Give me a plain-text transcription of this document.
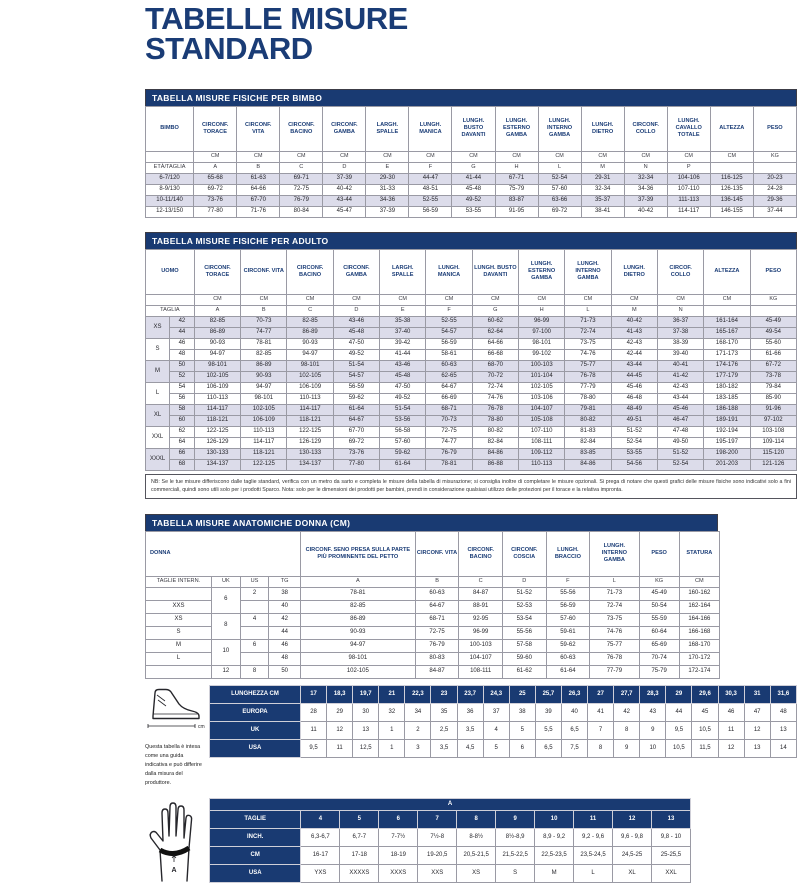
TABELLE MISURE
STANDARD
TABELLA MISURE FISICHE PER BIMBO
BIMBO	CIRCONF. TORACE	CIRCONF. VITA	CIRCONF. BACINO	CIRCONF. GAMBA	LARGH. SPALLE	LUNGH. MANICA	LUNGH. BUSTO DAVANTI	LUNGH. ESTERNO GAMBA	LUNGH. INTERNO GAMBA	LUNGH. DIETRO	CIRCONF. COLLO	LUNGH. CAVALLO TOTALE	ALTEZZA	PESO
	CM	CM	CM	CM	CM	CM	CM	CM	CM	CM	CM	CM	CM	KG
ETÀ/TAGLIA	A	B	C	D	E	F	G	H	L	M	N	P		
6-7/120	65-68	61-63	69-71	37-39	29-30	44-47	41-44	67-71	52-54	29-31	32-34	104-106	116-125	20-23
8-9/130	69-72	64-66	72-75	40-42	31-33	48-51	45-48	75-79	57-60	32-34	34-36	107-110	126-135	24-28
10-11/140	73-76	67-70	76-79	43-44	34-36	52-55	49-52	83-87	63-66	35-37	37-39	111-113	136-145	29-36
12-13/150	77-80	71-76	80-84	45-47	37-39	56-59	53-55	91-95	69-72	38-41	40-42	114-117	146-155	37-44
TABELLA MISURE FISICHE PER ADULTO
UOMO		CIRCONF. TORACE	CIRCONF. VITA	CIRCONF. BACINO	CIRCONF. GAMBA	LARGH. SPALLE	LUNGH. MANICA	LUNGH. BUSTO DAVANTI	LUNGH. ESTERNO GAMBA	LUNGH. INTERNO GAMBA	LUNGH. DIETRO	CIRCOF. COLLO	ALTEZZA	PESO
		CM	CM	CM	CM	CM	CM	CM	CM	CM	CM	CM	CM	KG
TAGLIA		A	B	C	D	E	F	G	H	L	M	N		
XS	42	82-85	70-73	82-85	43-46	35-38	52-55	60-62	96-99	71-73	40-42	36-37	161-164	45-49
	44	86-89	74-77	86-89	45-48	37-40	54-57	62-64	97-100	72-74	41-43	37-38	165-167	49-54
S	46	90-93	78-81	90-93	47-50	39-42	56-59	64-66	98-101	73-75	42-43	38-39	168-170	55-60
	48	94-97	82-85	94-97	49-52	41-44	58-61	66-68	99-102	74-76	42-44	39-40	171-173	61-66
M	50	98-101	86-89	98-101	51-54	43-46	60-63	68-70	100-103	75-77	43-44	40-41	174-176	67-72
	52	102-105	90-93	102-105	54-57	45-48	62-65	70-72	101-104	76-78	44-45	41-42	177-179	73-78
L	54	106-109	94-97	106-109	56-59	47-50	64-67	72-74	102-105	77-79	45-46	42-43	180-182	79-84
	56	110-113	98-101	110-113	59-62	49-52	66-69	74-76	103-106	78-80	46-48	43-44	183-185	85-90
XL	58	114-117	102-105	114-117	61-64	51-54	68-71	76-78	104-107	79-81	48-49	45-46	186-188	91-96
	60	118-121	106-109	118-121	64-67	53-56	70-73	78-80	105-108	80-82	49-51	46-47	189-191	97-102
XXL	62	122-125	110-113	122-125	67-70	56-58	72-75	80-82	107-110	81-83	51-52	47-48	192-194	103-108
	64	126-129	114-117	126-129	69-72	57-60	74-77	82-84	108-111	82-84	52-54	49-50	195-197	109-114
XXXL	66	130-133	118-121	130-133	73-76	59-62	76-79	84-86	109-112	83-85	53-55	51-52	198-200	115-120
	68	134-137	122-125	134-137	77-80	61-64	78-81	86-88	110-113	84-86	54-56	52-54	201-203	121-126
NB: Se le tue misure differiscono dalle taglie standard, verifica con un metro da sarto e completa le misure della tabella di misurazione; si consiglia inoltre di completare le misure opzionali. Si prega di notare che questi grafici delle misure fisiche sono indicativi solo a fini commerciali, quindi sono utili solo per i prodotti Sparco. Nota: solo per le dimensioni dei prodotti per bambini, prendi in considerazione qualsiasi utilizzo delle protezioni per il torace e la relativa impronta.
TABELLA MISURE ANATOMICHE DONNA (CM)
DONNA				CIRCONF. SENO PRESA SULLA PARTE PIÙ PROMINENTE DEL PETTO	CIRCONF. VITA	CIRCONF. BACINO	CIRCONF. COSCIA	LUNGH. BRACCIO	LUNGH. INTERNO GAMBA	PESO	STATURA
TAGLIE INTERN.	UK	US	TG	A	B	C	D	F	L	KG	CM
	6	2	38	78-81	60-63	84-87	51-52	55-56	71-73	45-49	160-162
XXS			40	82-85	64-67	88-91	52-53	56-59	72-74	50-54	162-164
XS	8	4	42	86-89	68-71	92-95	53-54	57-60	73-75	55-59	164-166
S			44	90-93	72-75	96-99	55-56	59-61	74-76	60-64	166-168
M	10	6	46	94-97	76-79	100-103	57-58	59-62	75-77	65-69	168-170
L			48	98-101	80-83	104-107	59-60	60-63	76-78	70-74	170-172
	12	8	50	102-105	84-87	108-111	61-62	61-64	77-79	75-79	172-174
cm
Questa tabella è intesa come una guida indicativa e può differire dalla misura del produttore.
LUNGHEZZA CM	17	18,3	19,7	21	22,3	23	23,7	24,3	25	25,7	26,3	27	27,7	28,3	29	29,6	30,3	31	31,6
EUROPA	28	29	30	32	34	35	36	37	38	39	40	41	42	43	44	45	46	47	48
UK	11	12	13	1	2	2,5	3,5	4	5	5,5	6,5	7	8	9	9,5	10,5	11	12	13
USA	9,5	11	12,5	1	3	3,5	4,5	5	6	6,5	7,5	8	9	10	10,5	11,5	12	13	14
A
A										
TAGLIE	4	5	6	7	8	9	10	11	12	13
INCH.	6,3-6,7	6,7-7	7-7½	7½-8	8-8½	8½-8,9	8,9 - 9,2	9,2 - 9,6	9,6 - 9,8	9,8 - 10
CM	16-17	17-18	18-19	19-20,5	20,5-21,5	21,5-22,5	22,5-23,5	23,5-24,5	24,5-25	25-25,5
USA	YXS	XXXXS	XXXS	XXS	XS	S	M	L	XL	XXL
